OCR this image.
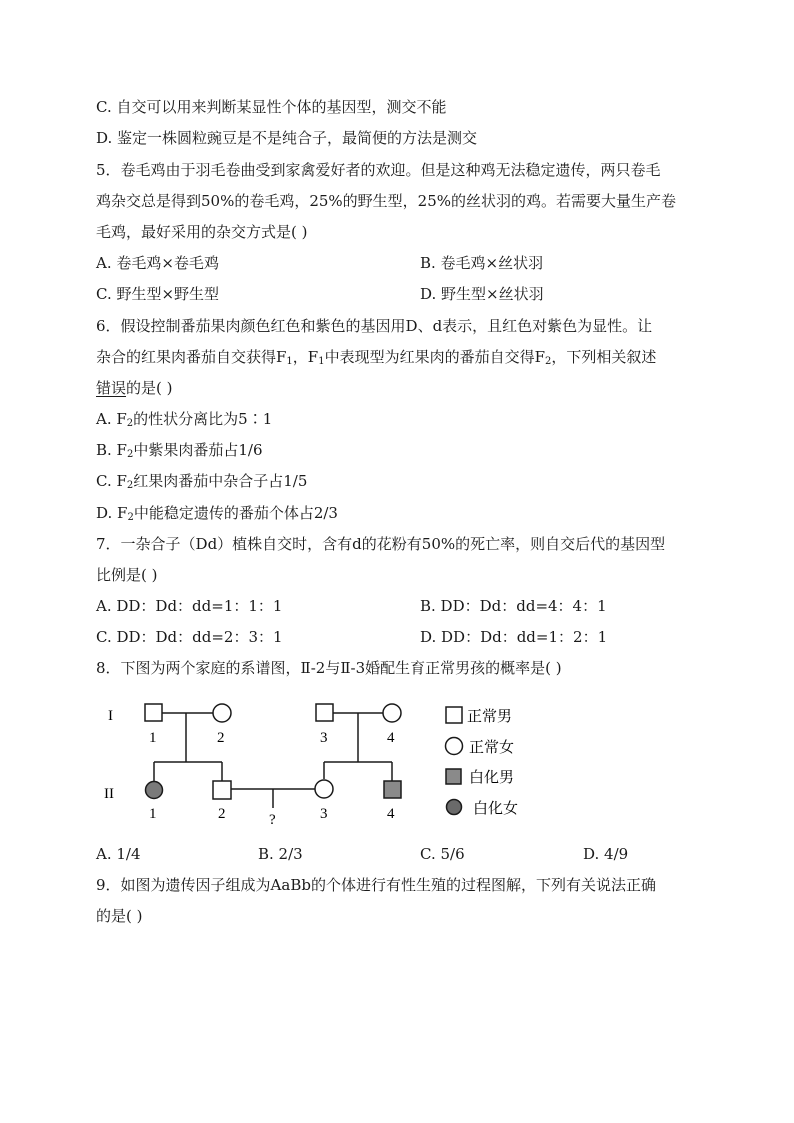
C. 自交可以用来判断某显性个体的基因型，测交不能
D. 鉴定一株圆粒豌豆是不是纯合子，最简便的方法是测交
5．卷毛鸡由于羽毛卷曲受到家禽爱好者的欢迎。但是这种鸡无法稳定遗传，两只卷毛
鸡杂交总是得到50%的卷毛鸡，25%的野生型，25%的丝状羽的鸡。若需要大量生产卷
毛鸡，最好采用的杂交方式是( )
A. 卷毛鸡×卷毛鸡	B. 卷毛鸡×丝状羽
C. 野生型×野生型	D. 野生型×丝状羽
6．假设控制番茄果肉颜色红色和紫色的基因用D、d表示，且红色对紫色为显性。让
杂合的红果肉番茄自交获得$F_1$，$F_1$中表现型为红果肉的番茄自交得$F_2$，下列相关叙述
错误的是( )
A. $F_2$的性状分离比为5∶1
B. $F_2$中紫果肉番茄占1/6
C. $F_2$红果肉番茄中杂合子占1/5
D. $F_2$中能稳定遗传的番茄个体占2/3
7．一杂合子（Dd）植株自交时，含有d的花粉有50%的死亡率，则自交后代的基因型
比例是( )
A. DD：Dd：dd=1：1：1	B. DD：Dd：dd=4：4：1
C. DD：Dd：dd=2：3：1	D. DD：Dd：dd=1：2：1
8．下图为两个家庭的系谱图，Ⅱ-2与Ⅱ-3婚配生育正常男孩的概率是( )
I
II
1	2	3	4
?
1	2	3	4
正常男
正常女
白化男
白化女
A. 1/4	B. 2/3	C. 5/6	D. 4/9
9．如图为遗传因子组成为AaBb的个体进行有性生殖的过程图解，下列有关说法正确
的是( )
